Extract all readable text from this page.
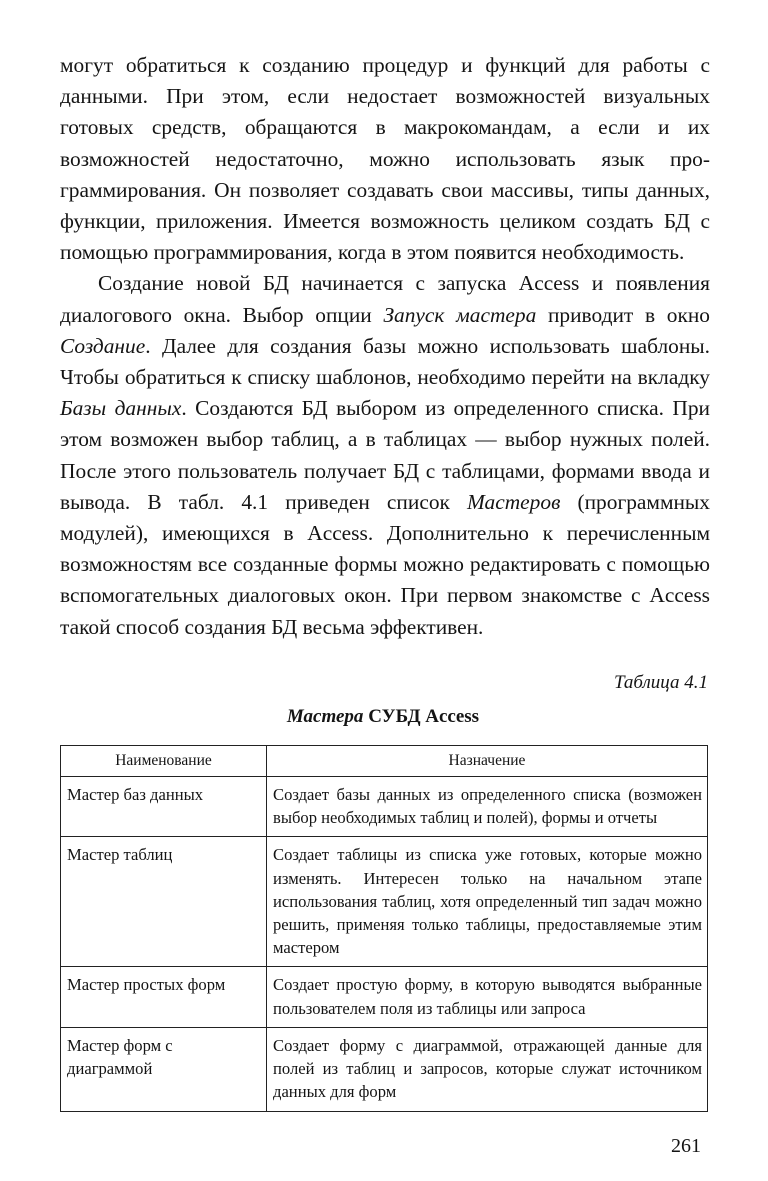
могут обратиться к созданию процедур и функций для работы с данными. При этом, если недостает возможностей визуальных готовых средств, обращаются в макрокомандам, а если и их возможностей недостаточно, можно использовать язык программирования. Он позволяет создавать свои массивы, типы данных, функции, приложения. Имеется возможность целиком создать БД с помощью программирования, когда в этом появится необходимость.

Создание новой БД начинается с запуска Access и появления диалогового окна. Выбор опции Запуск мастера приводит в окно Создание. Далее для создания базы можно использовать шаблоны. Чтобы обратиться к списку шаблонов, необходимо перейти на вкладку Базы данных. Создаются БД выбором из определенного списка. При этом возможен выбор таблиц, а в таблицах — выбор нужных полей. После этого пользователь получает БД с таблицами, формами ввода и вывода. В табл. 4.1 приведен список Мастеров (программных модулей), имеющихся в Access. Дополнительно к перечисленным возможностям все созданные формы можно редактировать с помощью вспомогательных диалоговых окон. При первом знакомстве с Access такой способ создания БД весьма эффективен.

Таблица 4.1
Мастера СУБД Access
Наименование	Назначение
Мастер баз данных	Создает базы данных из определенного списка (возможен выбор необходимых таблиц и полей), формы и отчеты
Мастер таблиц	Создает таблицы из списка уже готовых, которые можно изменять. Интересен только на начальном этапе использования таблиц, хотя определенный тип задач можно решить, применяя только таблицы, предоставляемые этим мастером
Мастер простых форм	Создает простую форму, в которую выводятся выбранные пользователем поля из таблицы или запроса
Мастер форм с диаграммой	Создает форму с диаграммой, отражающей данные для полей из таблиц и запросов, которые служат источником данных для форм
261
